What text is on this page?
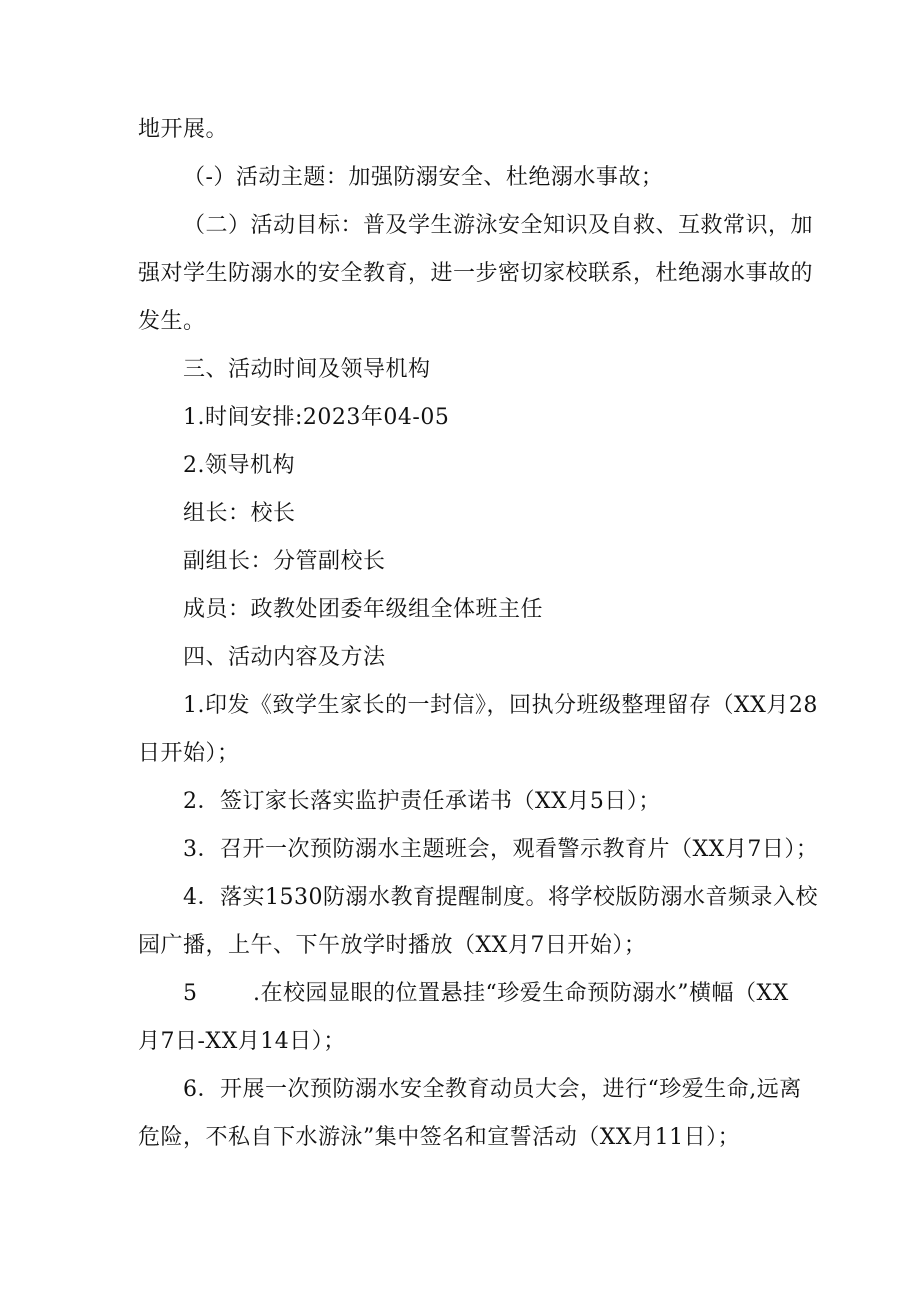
地开展。
（-）活动主题：加强防溺安全、杜绝溺水事故；
（二）活动目标：普及学生游泳安全知识及自救、互救常识，加
强对学生防溺水的安全教育，进一步密切家校联系，杜绝溺水事故的
发生。
三、活动时间及领导机构
1.时间安排:2023年04-05
2.领导机构
组长：校长
副组长：分管副校长
成员：政教处团委年级组全体班主任
四、活动内容及方法
1.印发《致学生家长的一封信》，回执分班级整理留存（XX月28
日开始）；
2．签订家长落实监护责任承诺书（XX月5日）；
3．召开一次预防溺水主题班会，观看警示教育片（XX月7日）；
4．落实1530防溺水教育提醒制度。将学校版防溺水音频录入校
园广播，上午、下午放学时播放（XX月7日开始）；
5	.在校园显眼的位置悬挂“珍爱生命预防溺水”横幅（XX
月7日-XX月14日）；
6．开展一次预防溺水安全教育动员大会，进行“珍爱生命,远离
危险，不私自下水游泳”集中签名和宣誓活动（XX月11日）；
